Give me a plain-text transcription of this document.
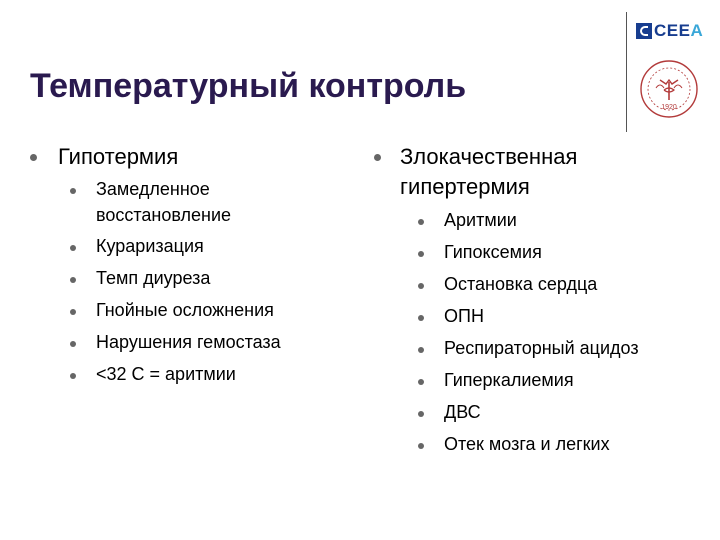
Температурный контроль
CEEA
1920
Гипотермия
Замедленное
восстановление
Курaризация
Темп диуреза
Гнойные осложнения
Нарушения гемостаза
<32 С = аритмии
Злокачественная
гипертермия
Аритмии
Гипоксемия
Остановка сердца
ОПН
Респираторный ацидоз
Гиперкалиемия
ДВС
Отек мозга и легких
